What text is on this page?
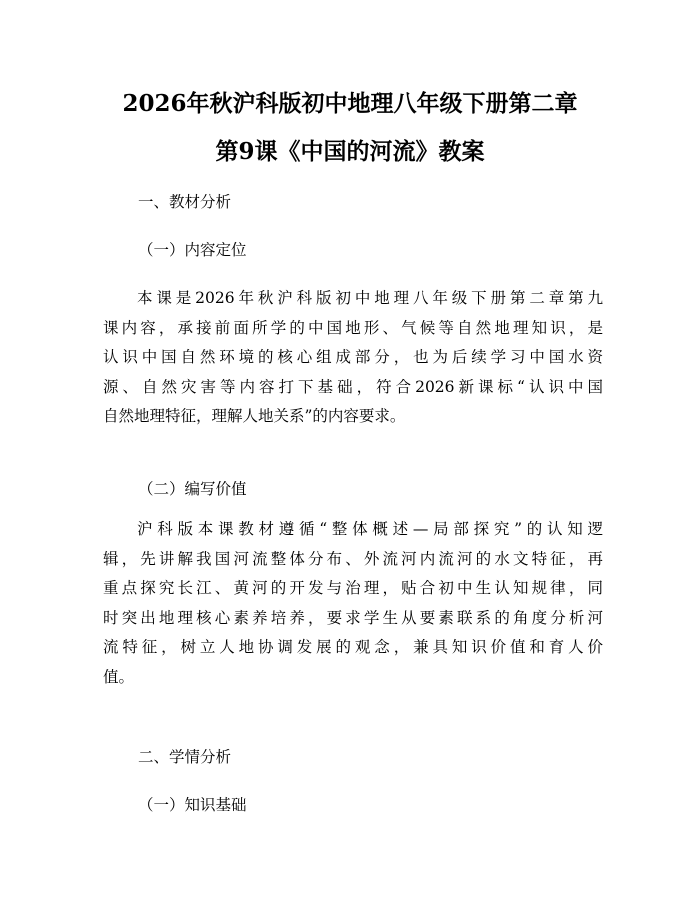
2026年秋沪科版初中地理八年级下册第二章
第9课《中国的河流》教案
一、教材分析
（一）内容定位
本课是2026年秋沪科版初中地理八年级下册第二章第九
课内容，承接前面所学的中国地形、气候等自然地理知识，是
认识中国自然环境的核心组成部分，也为后续学习中国水资
源、自然灾害等内容打下基础，符合2026新课标“认识中国
自然地理特征，理解人地关系”的内容要求。
（二）编写价值
沪科版本课教材遵循“整体概述—局部探究”的认知逻
辑，先讲解我国河流整体分布、外流河内流河的水文特征，再
重点探究长江、黄河的开发与治理，贴合初中生认知规律，同
时突出地理核心素养培养，要求学生从要素联系的角度分析河
流特征，树立人地协调发展的观念，兼具知识价值和育人价
值。
二、学情分析
（一）知识基础
